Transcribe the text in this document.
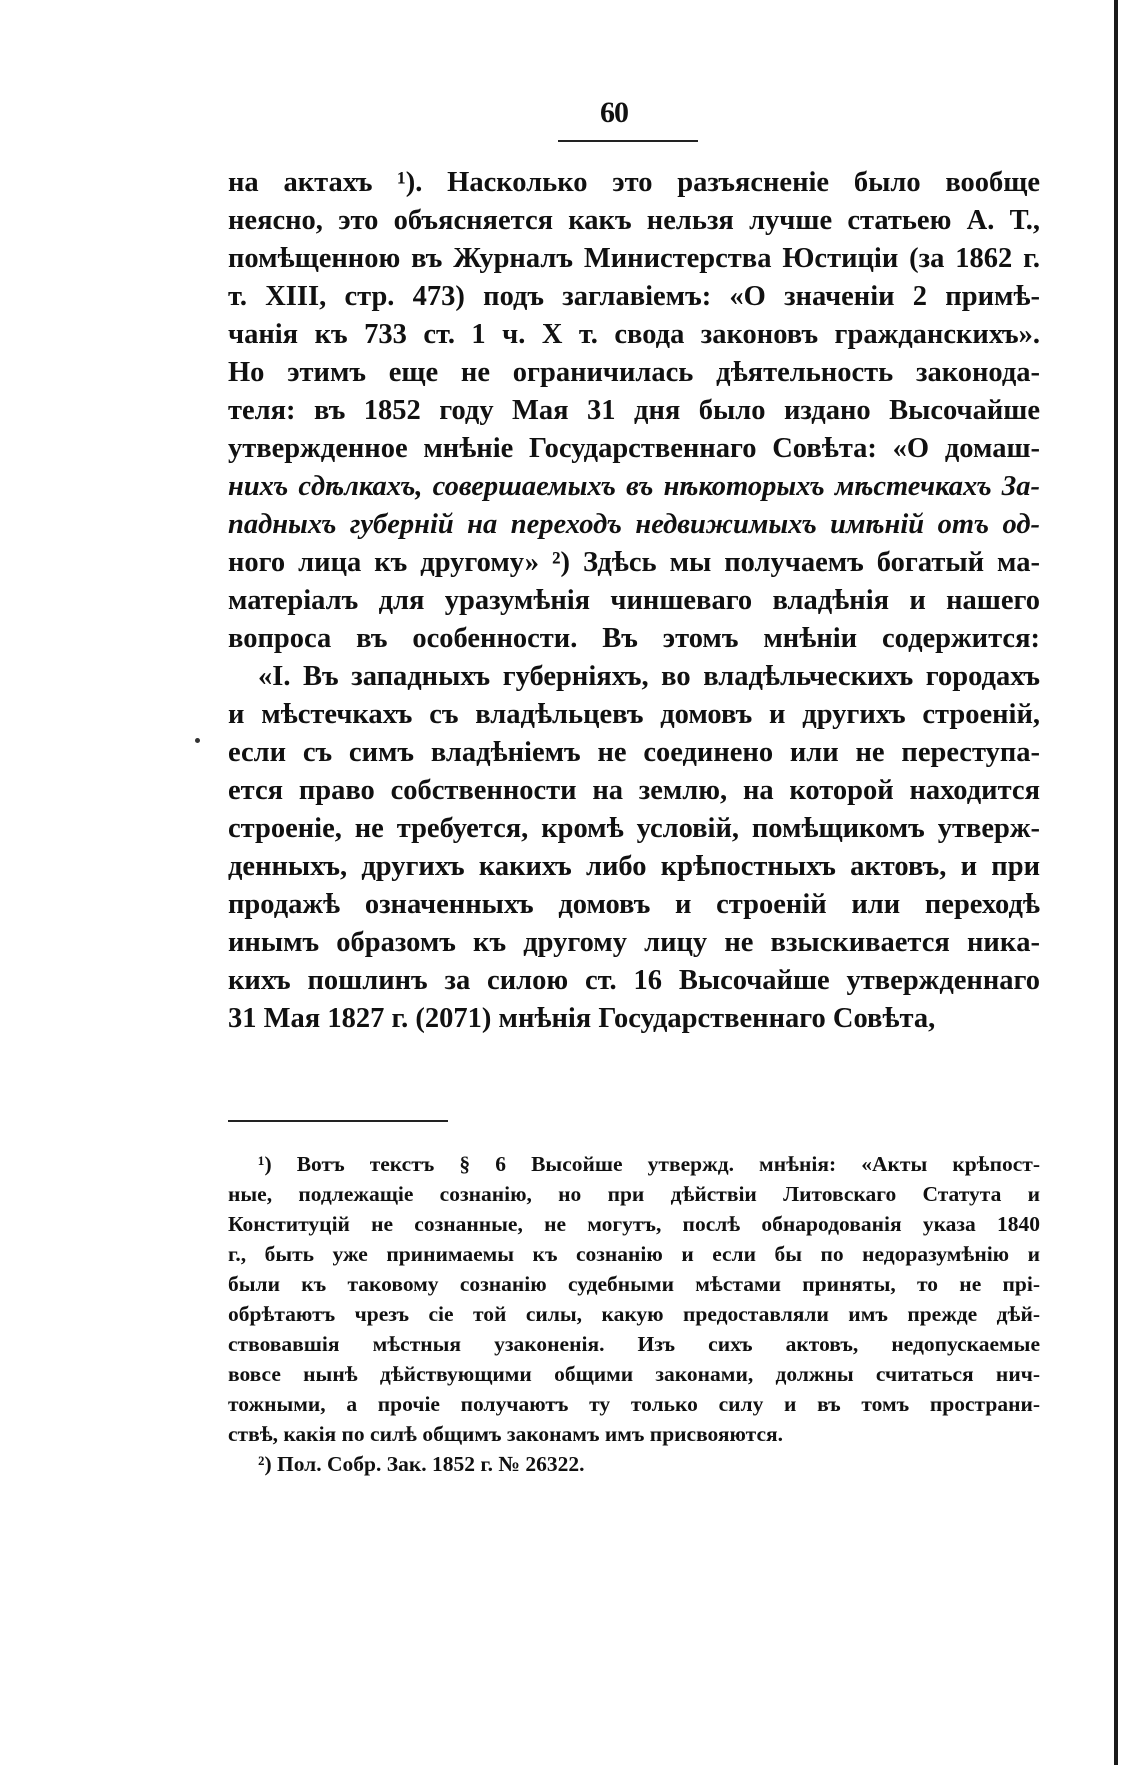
60
на актахъ ¹). Насколько это разъясненіе было вообще
неясно, это объясняется какъ нельзя лучше статьею А. Т.,
помѣщенною въ Журналъ Министерства Юстиціи (за 1862 г.
т. XIII, стр. 473) подъ заглавіемъ: «О значеніи 2 примѣ-
чанія къ 733 ст. 1 ч. X т. свода законовъ гражданскихъ».
Но этимъ еще не ограничилась дѣятельность законода-
теля: въ 1852 году Мая 31 дня было издано Высочайше
утвержденное мнѣніе Государственнаго Совѣта: «О домаш-
нихъ сдѣлкахъ, совершаемыхъ въ нѣкоторыхъ мѣстечкахъ За-
падныхъ губерній на переходъ недвижимыхъ имѣній отъ од-
ного лица къ другому» ²) Здѣсь мы получаемъ богатый ма-
матеріалъ для уразумѣнія чиншеваго владѣнія и нашего
вопроса въ особенности. Въ этомъ мнѣніи содержится:
«I. Въ западныхъ губерніяхъ, во владѣльческихъ городахъ
и мѣстечкахъ съ владѣльцевъ домовъ и другихъ строеній,
если съ симъ владѣніемъ не соединено или не переступа-
ется право собственности на землю, на которой находится
строеніе, не требуется, кромѣ условій, помѣщикомъ утверж-
денныхъ, другихъ какихъ либо крѣпостныхъ актовъ, и при
продажѣ означенныхъ домовъ и строеній или переходѣ
инымъ образомъ къ другому лицу не взыскивается никa-
кихъ пошлинъ за силою ст. 16 Высочайше утвержденнаго
31 Мая 1827 г. (2071) мнѣнія Государственнаго Совѣта,
¹) Вотъ текстъ § 6 Высойше утвержд. мнѣнія: «Акты крѣпост-
ные, подлежащіе сознанію, но при дѣйствіи Литовскаго Статута и
Конституцій не сознанные, не могутъ, послѣ обнародованія указа 1840
г., быть уже принимаемы къ сознанію и если бы по недоразумѣнію и
были къ таковому сознанію судебными мѣстами приняты, то не прі-
обрѣтаютъ чрезъ сіе той силы, какую предоставляли имъ прежде дѣй-
ствовавшія мѣстныя узаконенія. Изъ сихъ актовъ, недопускаемые
вовсе нынѣ дѣйствующими общими законами, должны считаться нич-
тожными, а прочіе получаютъ ту только силу и въ томъ пространи-
ствѣ, какія по силѣ общимъ законамъ имъ присвояются.
²) Пол. Собр. Зак. 1852 г. № 26322.
